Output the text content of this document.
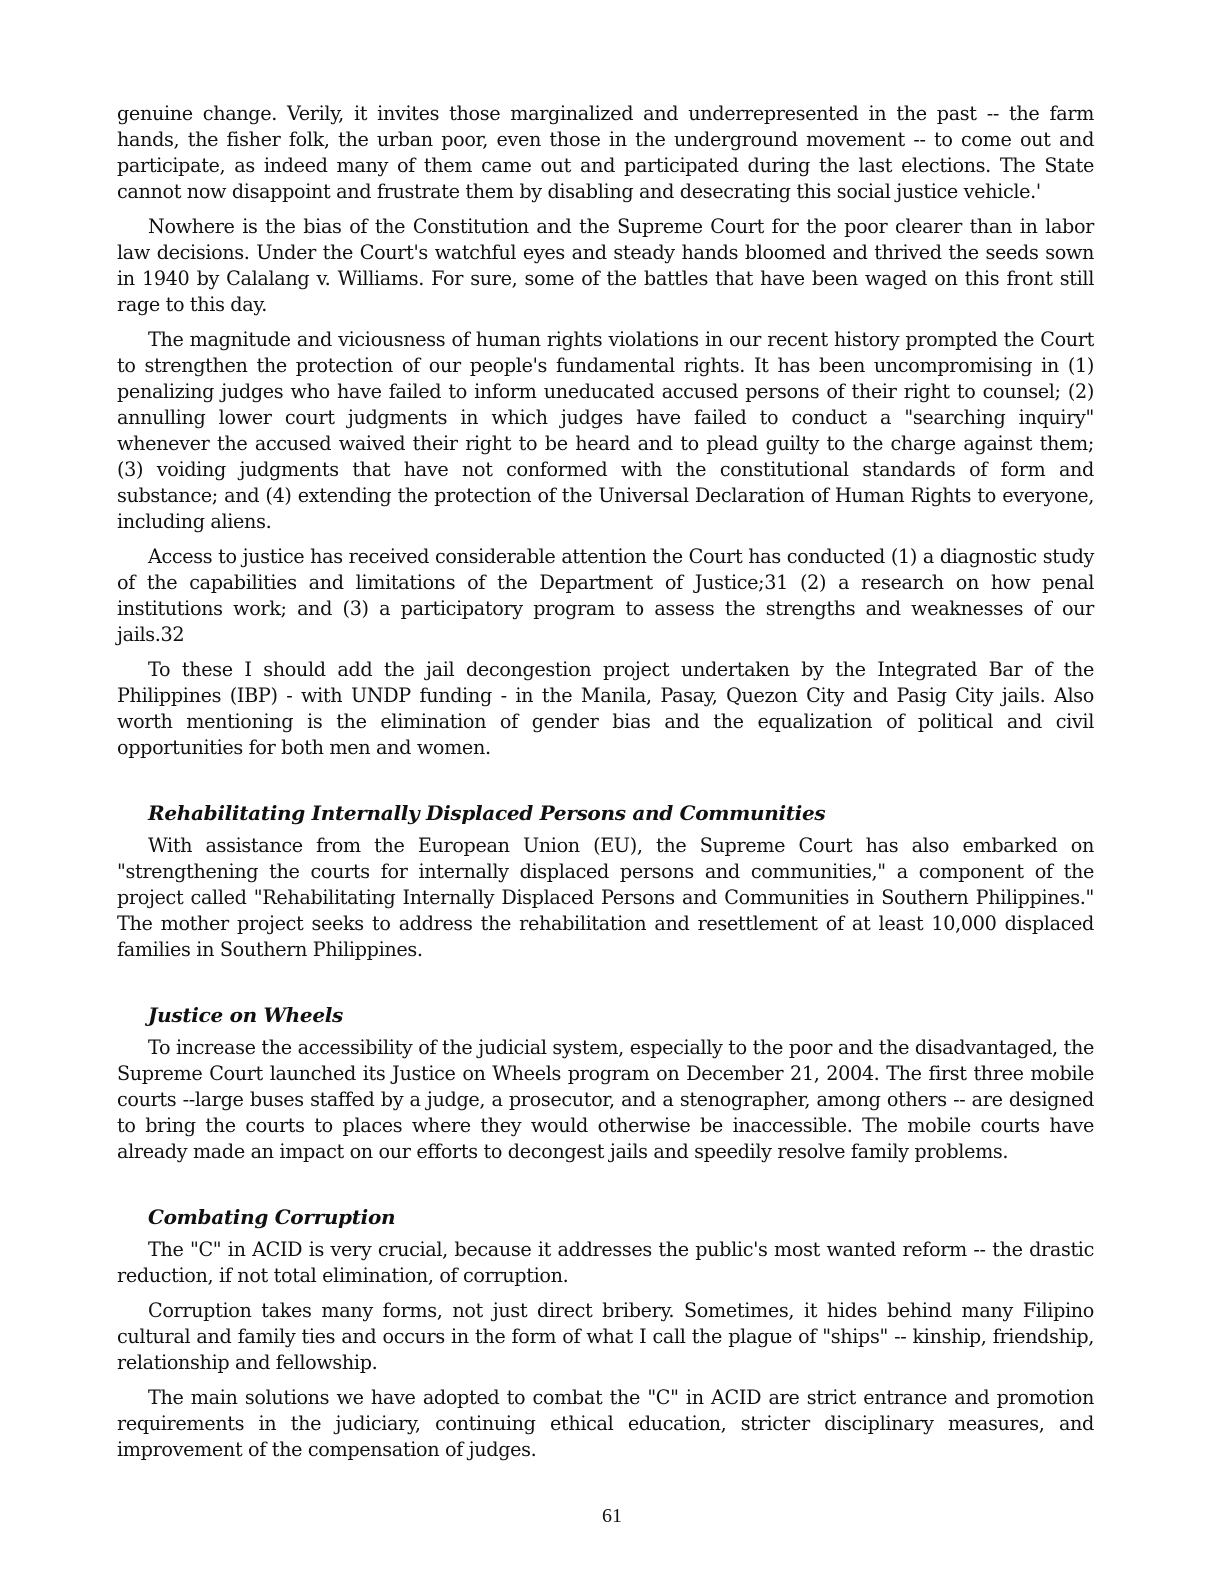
genuine change. Verily, it invites those marginalized and underrepresented in the past -- the farm hands, the fisher folk, the urban poor, even those in the underground movement -- to come out and participate, as indeed many of them came out and participated during the last elections. The State cannot now disappoint and frustrate them by disabling and desecrating this social justice vehicle.'

Nowhere is the bias of the Constitution and the Supreme Court for the poor clearer than in labor law decisions. Under the Court's watchful eyes and steady hands bloomed and thrived the seeds sown in 1940 by Calalang v. Williams. For sure, some of the battles that have been waged on this front still rage to this day.

The magnitude and viciousness of human rights violations in our recent history prompted the Court to strengthen the protection of our people's fundamental rights. It has been uncompromising in (1) penalizing judges who have failed to inform uneducated accused persons of their right to counsel; (2) annulling lower court judgments in which judges have failed to conduct a "searching inquiry" whenever the accused waived their right to be heard and to plead guilty to the charge against them; (3) voiding judgments that have not conformed with the constitutional standards of form and substance; and (4) extending the protection of the Universal Declaration of Human Rights to everyone, including aliens.

Access to justice has received considerable attention the Court has conducted (1) a diagnostic study of the capabilities and limitations of the Department of Justice;31 (2) a research on how penal institutions work; and (3) a participatory program to assess the strengths and weaknesses of our jails.32

To these I should add the jail decongestion project undertaken by the Integrated Bar of the Philippines (IBP) - with UNDP funding - in the Manila, Pasay, Quezon City and Pasig City jails. Also worth mentioning is the elimination of gender bias and the equalization of political and civil opportunities for both men and women.

Rehabilitating Internally Displaced Persons and Communities

With assistance from the European Union (EU), the Supreme Court has also embarked on "strengthening the courts for internally displaced persons and communities," a component of the project called "Rehabilitating Internally Displaced Persons and Communities in Southern Philippines." The mother project seeks to address the rehabilitation and resettlement of at least 10,000 displaced families in Southern Philippines.

Justice on Wheels

To increase the accessibility of the judicial system, especially to the poor and the disadvantaged, the Supreme Court launched its Justice on Wheels program on December 21, 2004. The first three mobile courts --large buses staffed by a judge, a prosecutor, and a stenographer, among others -- are designed to bring the courts to places where they would otherwise be inaccessible. The mobile courts have already made an impact on our efforts to decongest jails and speedily resolve family problems.

Combating Corruption

The "C" in ACID is very crucial, because it addresses the public's most wanted reform -- the drastic reduction, if not total elimination, of corruption.

Corruption takes many forms, not just direct bribery. Sometimes, it hides behind many Filipino cultural and family ties and occurs in the form of what I call the plague of "ships" -- kinship, friendship, relationship and fellowship.

The main solutions we have adopted to combat the "C" in ACID are strict entrance and promotion requirements in the judiciary, continuing ethical education, stricter disciplinary measures, and improvement of the compensation of judges.

61
